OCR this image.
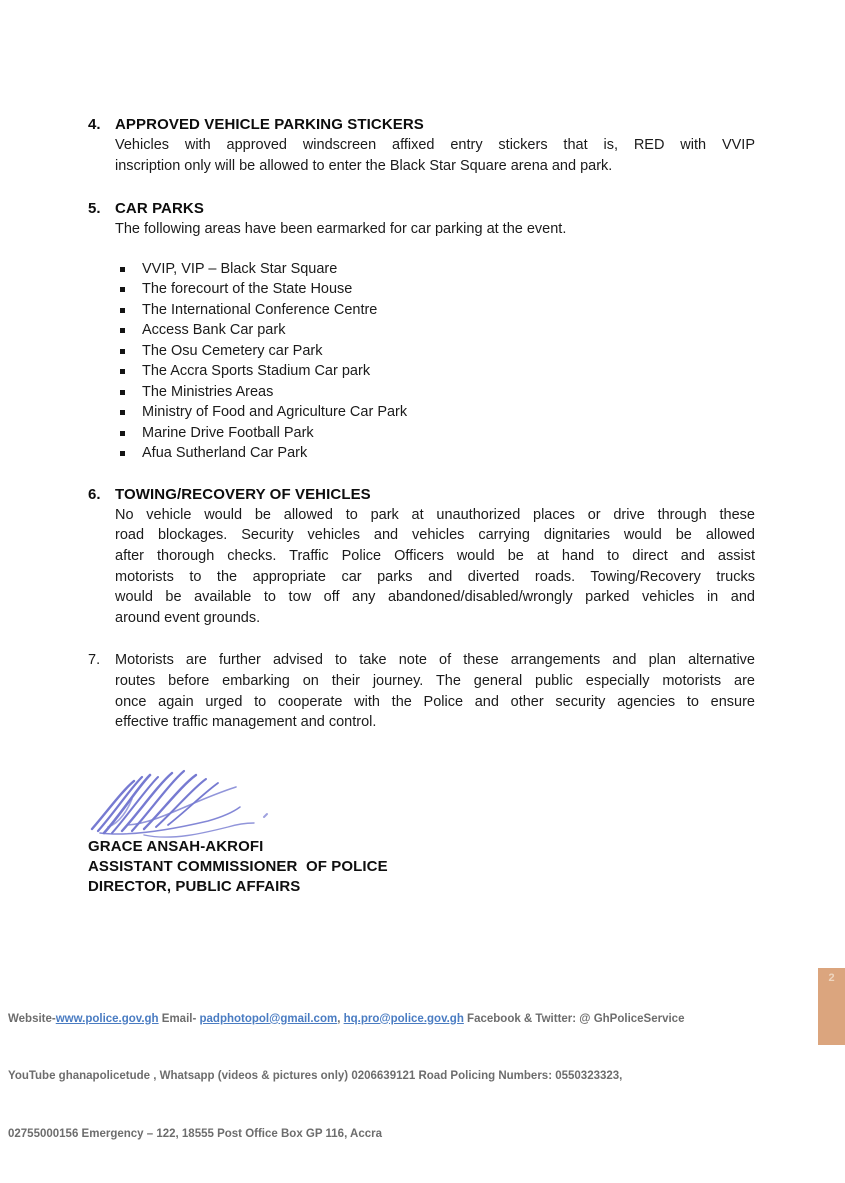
4. APPROVED VEHICLE PARKING STICKERS
Vehicles with approved windscreen affixed entry stickers that is, RED with VVIP
inscription only will be allowed to enter the Black Star Square arena and park.
5. CAR PARKS
The following areas have been earmarked for car parking at the event.
VVIP, VIP – Black Star Square
The forecourt of the State House
The International Conference Centre
Access Bank Car park
The Osu Cemetery car Park
The Accra Sports Stadium Car park
The Ministries Areas
Ministry of Food and Agriculture Car Park
Marine Drive Football Park
Afua Sutherland Car Park
6. TOWING/RECOVERY OF VEHICLES
No vehicle would be allowed to park at unauthorized places or drive through these
road blockages. Security vehicles and vehicles carrying dignitaries would be allowed
after thorough checks. Traffic Police Officers would be at hand to direct and assist
motorists to the appropriate car parks and diverted roads. Towing/Recovery trucks
would be available to tow off any abandoned/disabled/wrongly parked vehicles in and
around event grounds.
7.	Motorists are further advised to take note of these arrangements and plan alternative
routes before embarking on their journey. The general public especially motorists are
once again urged to cooperate with the Police and other security agencies to ensure
effective traffic management and control.
GRACE ANSAH-AKROFI
ASSISTANT COMMISSIONER  OF POLICE
DIRECTOR, PUBLIC AFFAIRS

Website-www.police.gov.gh Email- padphotopol@gmail.com, hq.pro@police.gov.gh Facebook & Twitter: @ GhPoliceService

YouTube ghanapolicetude , Whatsapp (videos & pictures only) 0206639121 Road Policing Numbers: 0550323323,

02755000156 Emergency – 122, 18555 Post Office Box GP 116, Accra

2
